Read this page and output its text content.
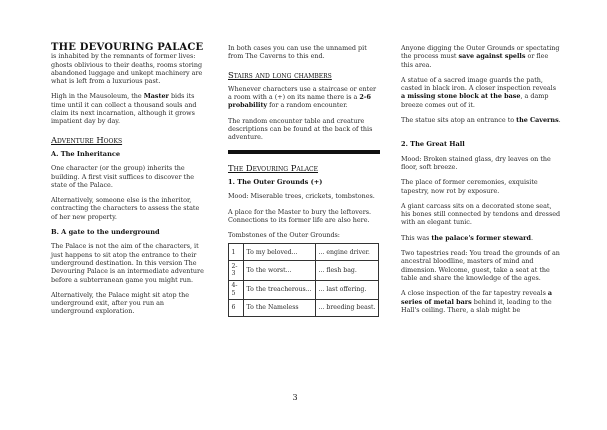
THE DEVOURING PALACE is inhabited by the remnants of former lives: ghosts oblivious to their deaths, rooms storing abandoned luggage and unkept machinery are what is left from a luxurious past.

High in the Mausoleum, the Master bids its time until it can collect a thousand souls and claim its next incarnation, although it grows impatient day by day.

Adventure Hooks
A. The Inheritance

One character (or the group) inherits the building. A first visit suffices to discover the state of the Palace.

Alternatively, someone else is the inheritor, contracting the characters to assess the state of her new property.

B. A gate to the underground

The Palace is not the aim of the characters, it just happens to sit atop the entrance to their underground destination. In this version The Devouring Palace is an intermediate adventure before a subterranean game you might run.

Alternatively, the Palace might sit atop the underground exit, after you run an underground exploration.

In both cases you can use the unnamed pit from The Caverns to this end.

Stairs and long chambers

Whenever characters use a staircase or enter a room with a (+) on its name there is a 2-6 probability for a random encounter.

The random encounter table and creature descriptions can be found at the back of this adventure.

The Devouring Palace
1. The Outer Grounds (+)

Mood: Miserable trees, crickets, tombstones.

A place for the Master to bury the leftovers. Connections to its former life are also here.

Tombstones of the Outer Grounds:

1	To my beloved...	... engine driver.
2-3	To the worst...	... flesh bag.
4-5	To the treacherous...	... last offering.
6	To the Nameless	... breeding beast.

Anyone digging the Outer Grounds or spectating the process must save against spells or flee this area.

A statue of a sacred image guards the path, casted in black iron. A closer inspection reveals a missing stone block at the base, a damp breeze comes out of it.

The statue sits atop an entrance to the Caverns.

2. The Great Hall

Mood: Broken stained glass, dry leaves on the floor, soft breeze.

The place of former ceremonies, exquisite tapestry, now rot by exposure.

A giant carcass sits on a decorated stone seat, his bones still connected by tendons and dressed with an elegant tunic.

This was the palace's former steward.

Two tapestries read: You tread the grounds of an ancestral bloodline, masters of mind and dimension. Welcome, guest, take a seat at the table and share the knowledge of the ages.

A close inspection of the far tapestry reveals a series of metal bars behind it, leading to the Hall's ceiling. There, a slab might be

3
